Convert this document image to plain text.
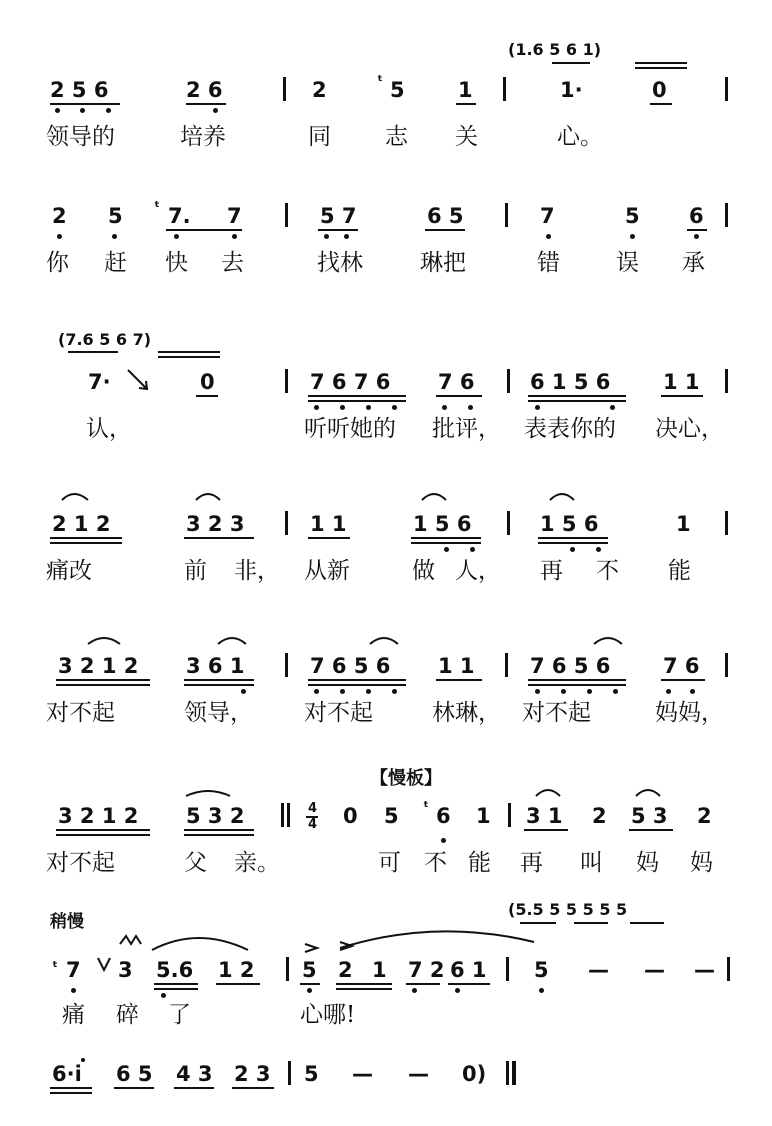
(1.6 5 6 1)
2 5 6	2 6	2	ᵗ 5	1	1·	0
领导的	培养	同 志 关	心。
2 5 ᵗ 7. 7	5 7	6 5	7	5 6
你 赶 快 去	找林 琳把	错 误 承
(7.6 5 6 7)
7·	0	7 6 7 6 7 6	6 1 5 6	1 1
认，	听听她的 批评， 表表你的 决心，
2 1 2	3 2 3	1 1	1 5 6	1 5 6	1
痛改	前 非， 从新	做 人， 再 不 能
3 2 1 2 3 6 1	7 6 5 6 1 1	7 6 5 6	7 6
对不起	领导， 对不起	林琳， 对不起	妈妈，
【慢板】
3 2 1 2 5 3 2	4
4 0 5 ᵗ 6 1 3 1 2 5 3 2
对不起	父 亲。	可 不 能 再 叫 妈 妈
稍慢
(5.5 5 5 5 5 5
ᵗ 7 3 5.6 1 2 5 2 1 7 2 6 1 5 — — —
痛 碎 了	心哪!
6·i 6 5 4 3 2 3 5 — — 0)
